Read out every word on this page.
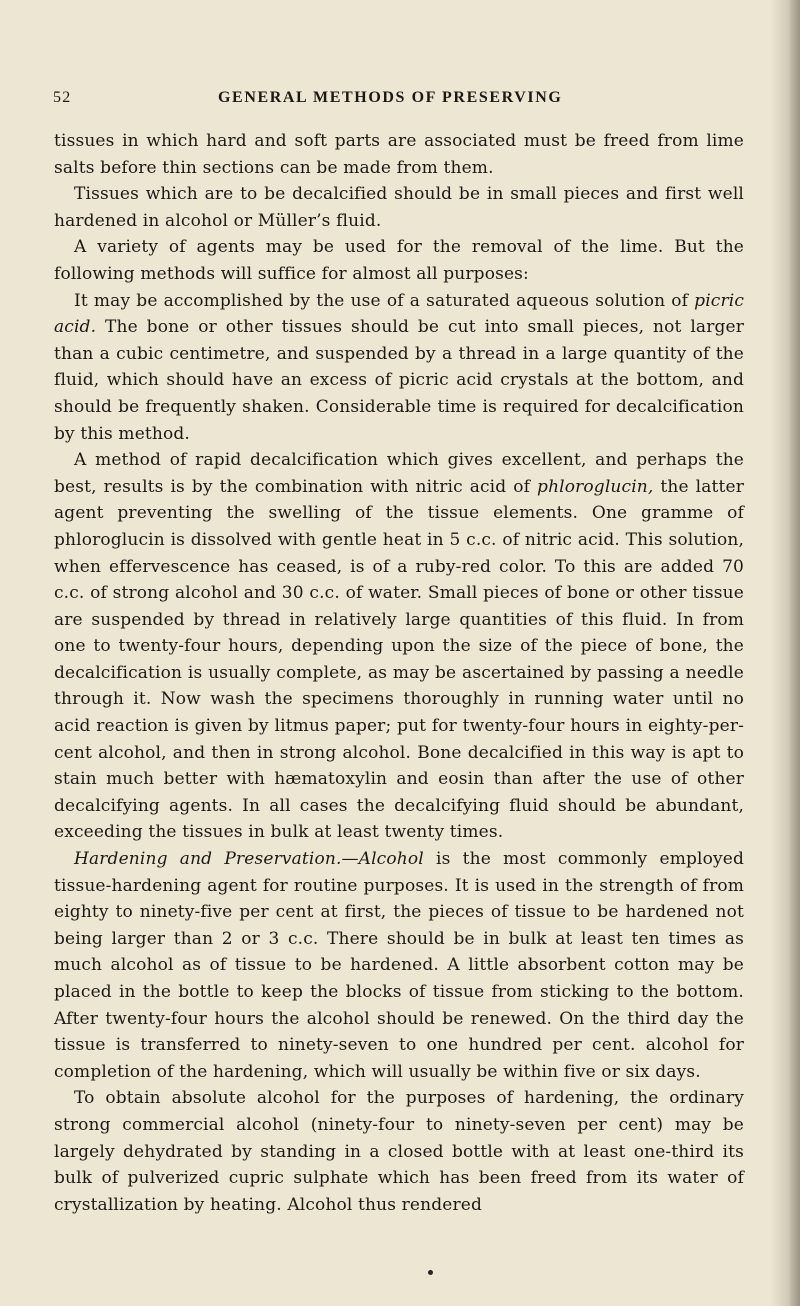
52	GENERAL METHODS OF PRESERVING

tissues in which hard and soft parts are associated must be freed from lime salts before thin sections can be made from them.

Tissues which are to be decalcified should be in small pieces and first well hardened in alcohol or Müller’s fluid.

A variety of agents may be used for the removal of the lime. But the following methods will suffice for almost all purposes:

It may be accomplished by the use of a saturated aqueous solution of picric acid. The bone or other tissues should be cut into small pieces, not larger than a cubic centimetre, and suspended by a thread in a large quantity of the fluid, which should have an excess of picric acid crystals at the bottom, and should be frequently shaken. Considerable time is required for decalcification by this method.

A method of rapid decalcification which gives excellent, and perhaps the best, results is by the combination with nitric acid of phloroglucin, the latter agent preventing the swelling of the tissue elements. One gramme of phloroglucin is dissolved with gentle heat in 5 c.c. of nitric acid. This solution, when effervescence has ceased, is of a ruby-red color. To this are added 70 c.c. of strong alcohol and 30 c.c. of water. Small pieces of bone or other tissue are suspended by thread in relatively large quantities of this fluid. In from one to twenty-four hours, depending upon the size of the piece of bone, the decalcification is usually complete, as may be ascertained by passing a needle through it. Now wash the specimens thoroughly in running water until no acid reaction is given by litmus paper; put for twenty-four hours in eighty-per-cent alcohol, and then in strong alcohol. Bone decalcified in this way is apt to stain much better with hæmatoxylin and eosin than after the use of other decalcifying agents. In all cases the decalcifying fluid should be abundant, exceeding the tissues in bulk at least twenty times.

Hardening and Preservation.—Alcohol is the most commonly employed tissue-hardening agent for routine purposes. It is used in the strength of from eighty to ninety-five per cent at first, the pieces of tissue to be hardened not being larger than 2 or 3 c.c. There should be in bulk at least ten times as much alcohol as of tissue to be hardened. A little absorbent cotton may be placed in the bottle to keep the blocks of tissue from sticking to the bottom. After twenty-four hours the alcohol should be renewed. On the third day the tissue is transferred to ninety-seven to one hundred per cent. alcohol for completion of the hardening, which will usually be within five or six days.

To obtain absolute alcohol for the purposes of hardening, the ordinary strong commercial alcohol (ninety-four to ninety-seven per cent) may be largely dehydrated by standing in a closed bottle with at least one-third its bulk of pulverized cupric sulphate which has been freed from its water of crystallization by heating. Alcohol thus rendered
